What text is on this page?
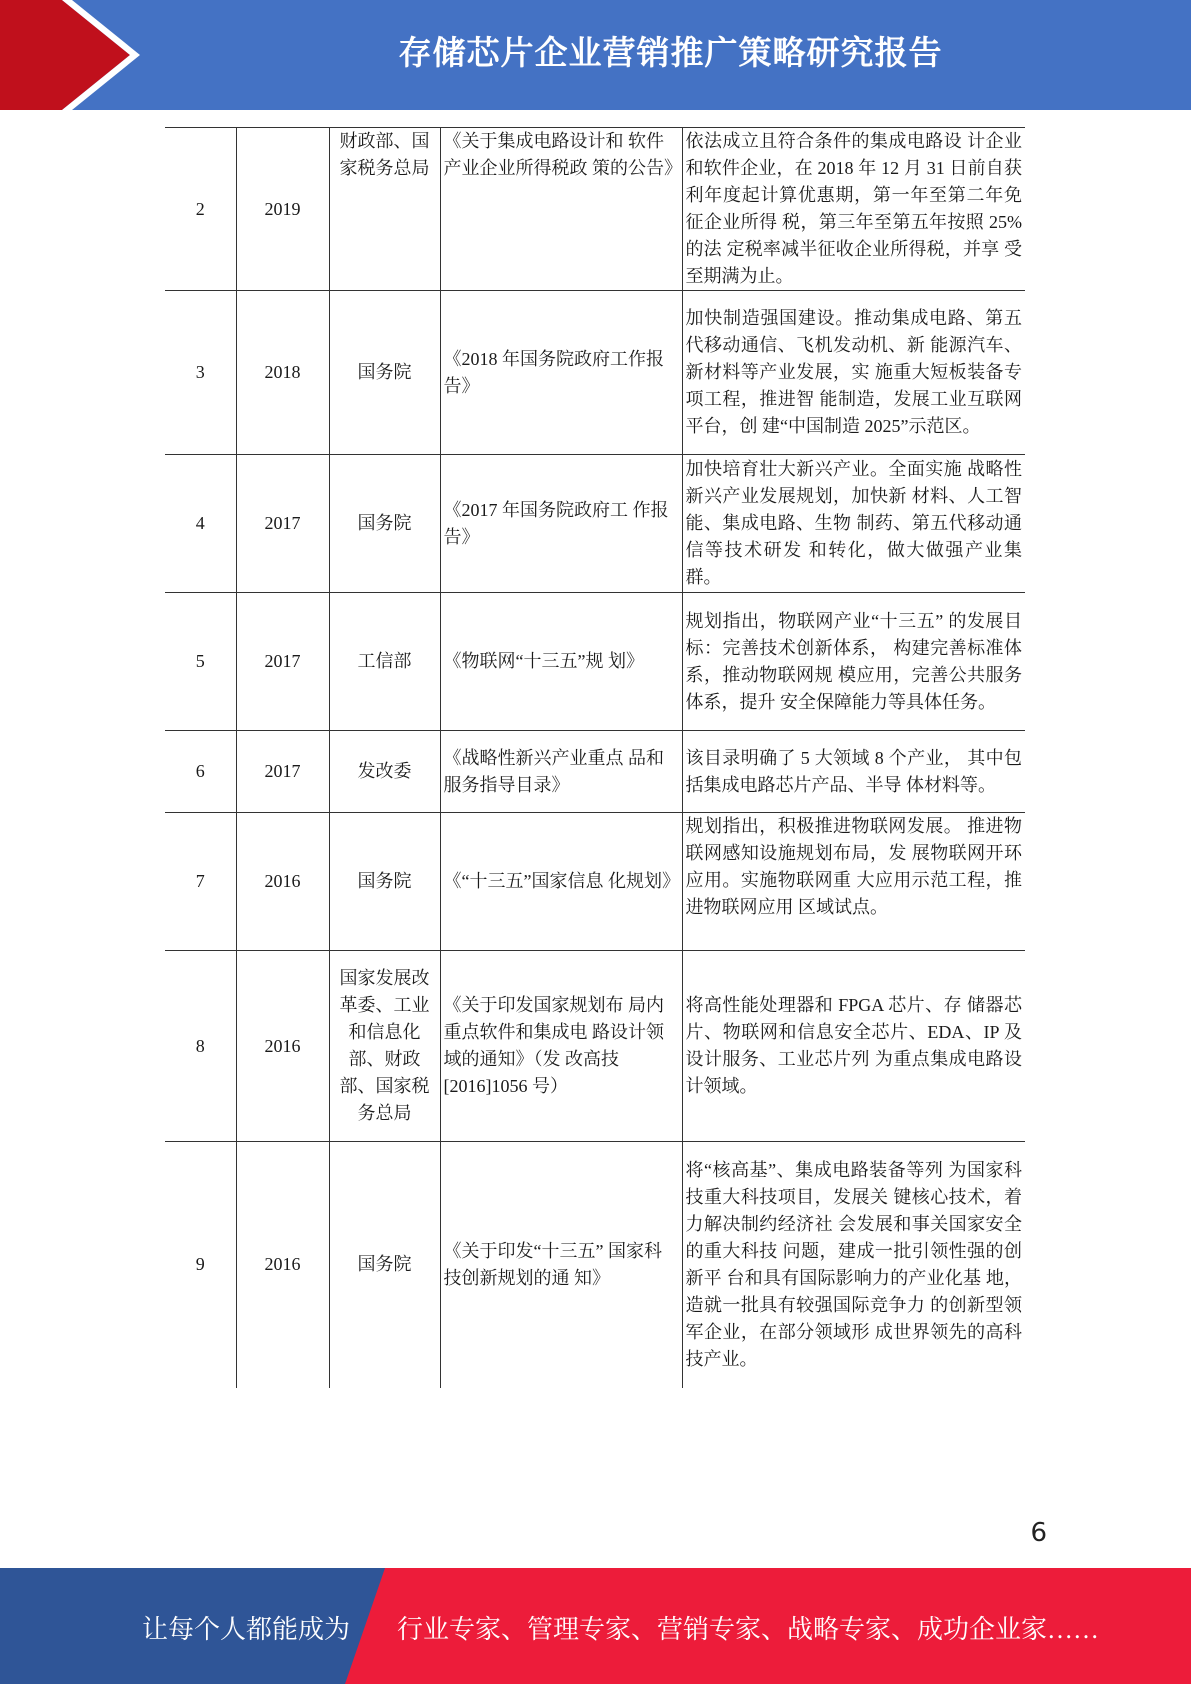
存储芯片企业营销推广策略研究报告
2	2019	财政部、国家税务总局	《关于集成电路设计和 软件产业企业所得税政 策的公告》	依法成立且符合条件的集成电路设 计企业和软件企业，在 2018 年 12 月 31 日前自获利年度起计算优惠期，第一年至第二年免征企业所得 税，第三年至第五年按照 25%的法 定税率减半征收企业所得税，并享 受至期满为止。
3	2018	国务院	《2018 年国务院政府工作报告》	加快制造强国建设。推动集成电路、第五代移动通信、飞机发动机、新 能源汽车、新材料等产业发展，实 施重大短板装备专项工程，推进智 能制造，发展工业互联网平台，创 建“中国制造 2025”示范区。
4	2017	国务院	《2017 年国务院政府工 作报告》	加快培育壮大新兴产业。全面实施 战略性新兴产业发展规划，加快新 材料、人工智能、集成电路、生物 制药、第五代移动通信等技术研发 和转化，做大做强产业集群。
5	2017	工信部	《物联网“十三五”规 划》	规划指出，物联网产业“十三五” 的发展目标：完善技术创新体系， 构建完善标准体系，推动物联网规 模应用，完善公共服务体系，提升 安全保障能力等具体任务。
6	2017	发改委	《战略性新兴产业重点 品和服务指导目录》	该目录明确了 5 大领域 8 个产业， 其中包括集成电路芯片产品、半导 体材料等。
7	2016	国务院	《“十三五”国家信息 化规划》	规划指出，积极推进物联网发展。 推进物联网感知设施规划布局，发 展物联网开环应用。实施物联网重 大应用示范工程，推进物联网应用 区域试点。
8	2016	国家发展改革委、工业和信息化部、财政部、国家税务总局	《关于印发国家规划布 局内重点软件和集成电 路设计领域的通知》（发 改高技[2016]1056 号）	将高性能处理器和 FPGA 芯片、存 储器芯片、物联网和信息安全芯片、EDA、IP 及设计服务、工业芯片列 为重点集成电路设计领域。
9	2016	国务院	《关于印发“十三五” 国家科技创新规划的通 知》	将“核高基”、集成电路装备等列 为国家科技重大科技项目，发展关 键核心技术，着力解决制约经济社 会发展和事关国家安全的重大科技 问题，建成一批引领性强的创新平 台和具有国际影响力的产业化基 地，造就一批具有较强国际竞争力 的创新型领军企业，在部分领域形 成世界领先的高科技产业。
6
让每个人都能成为 行业专家、管理专家、营销专家、战略专家、成功企业家……
